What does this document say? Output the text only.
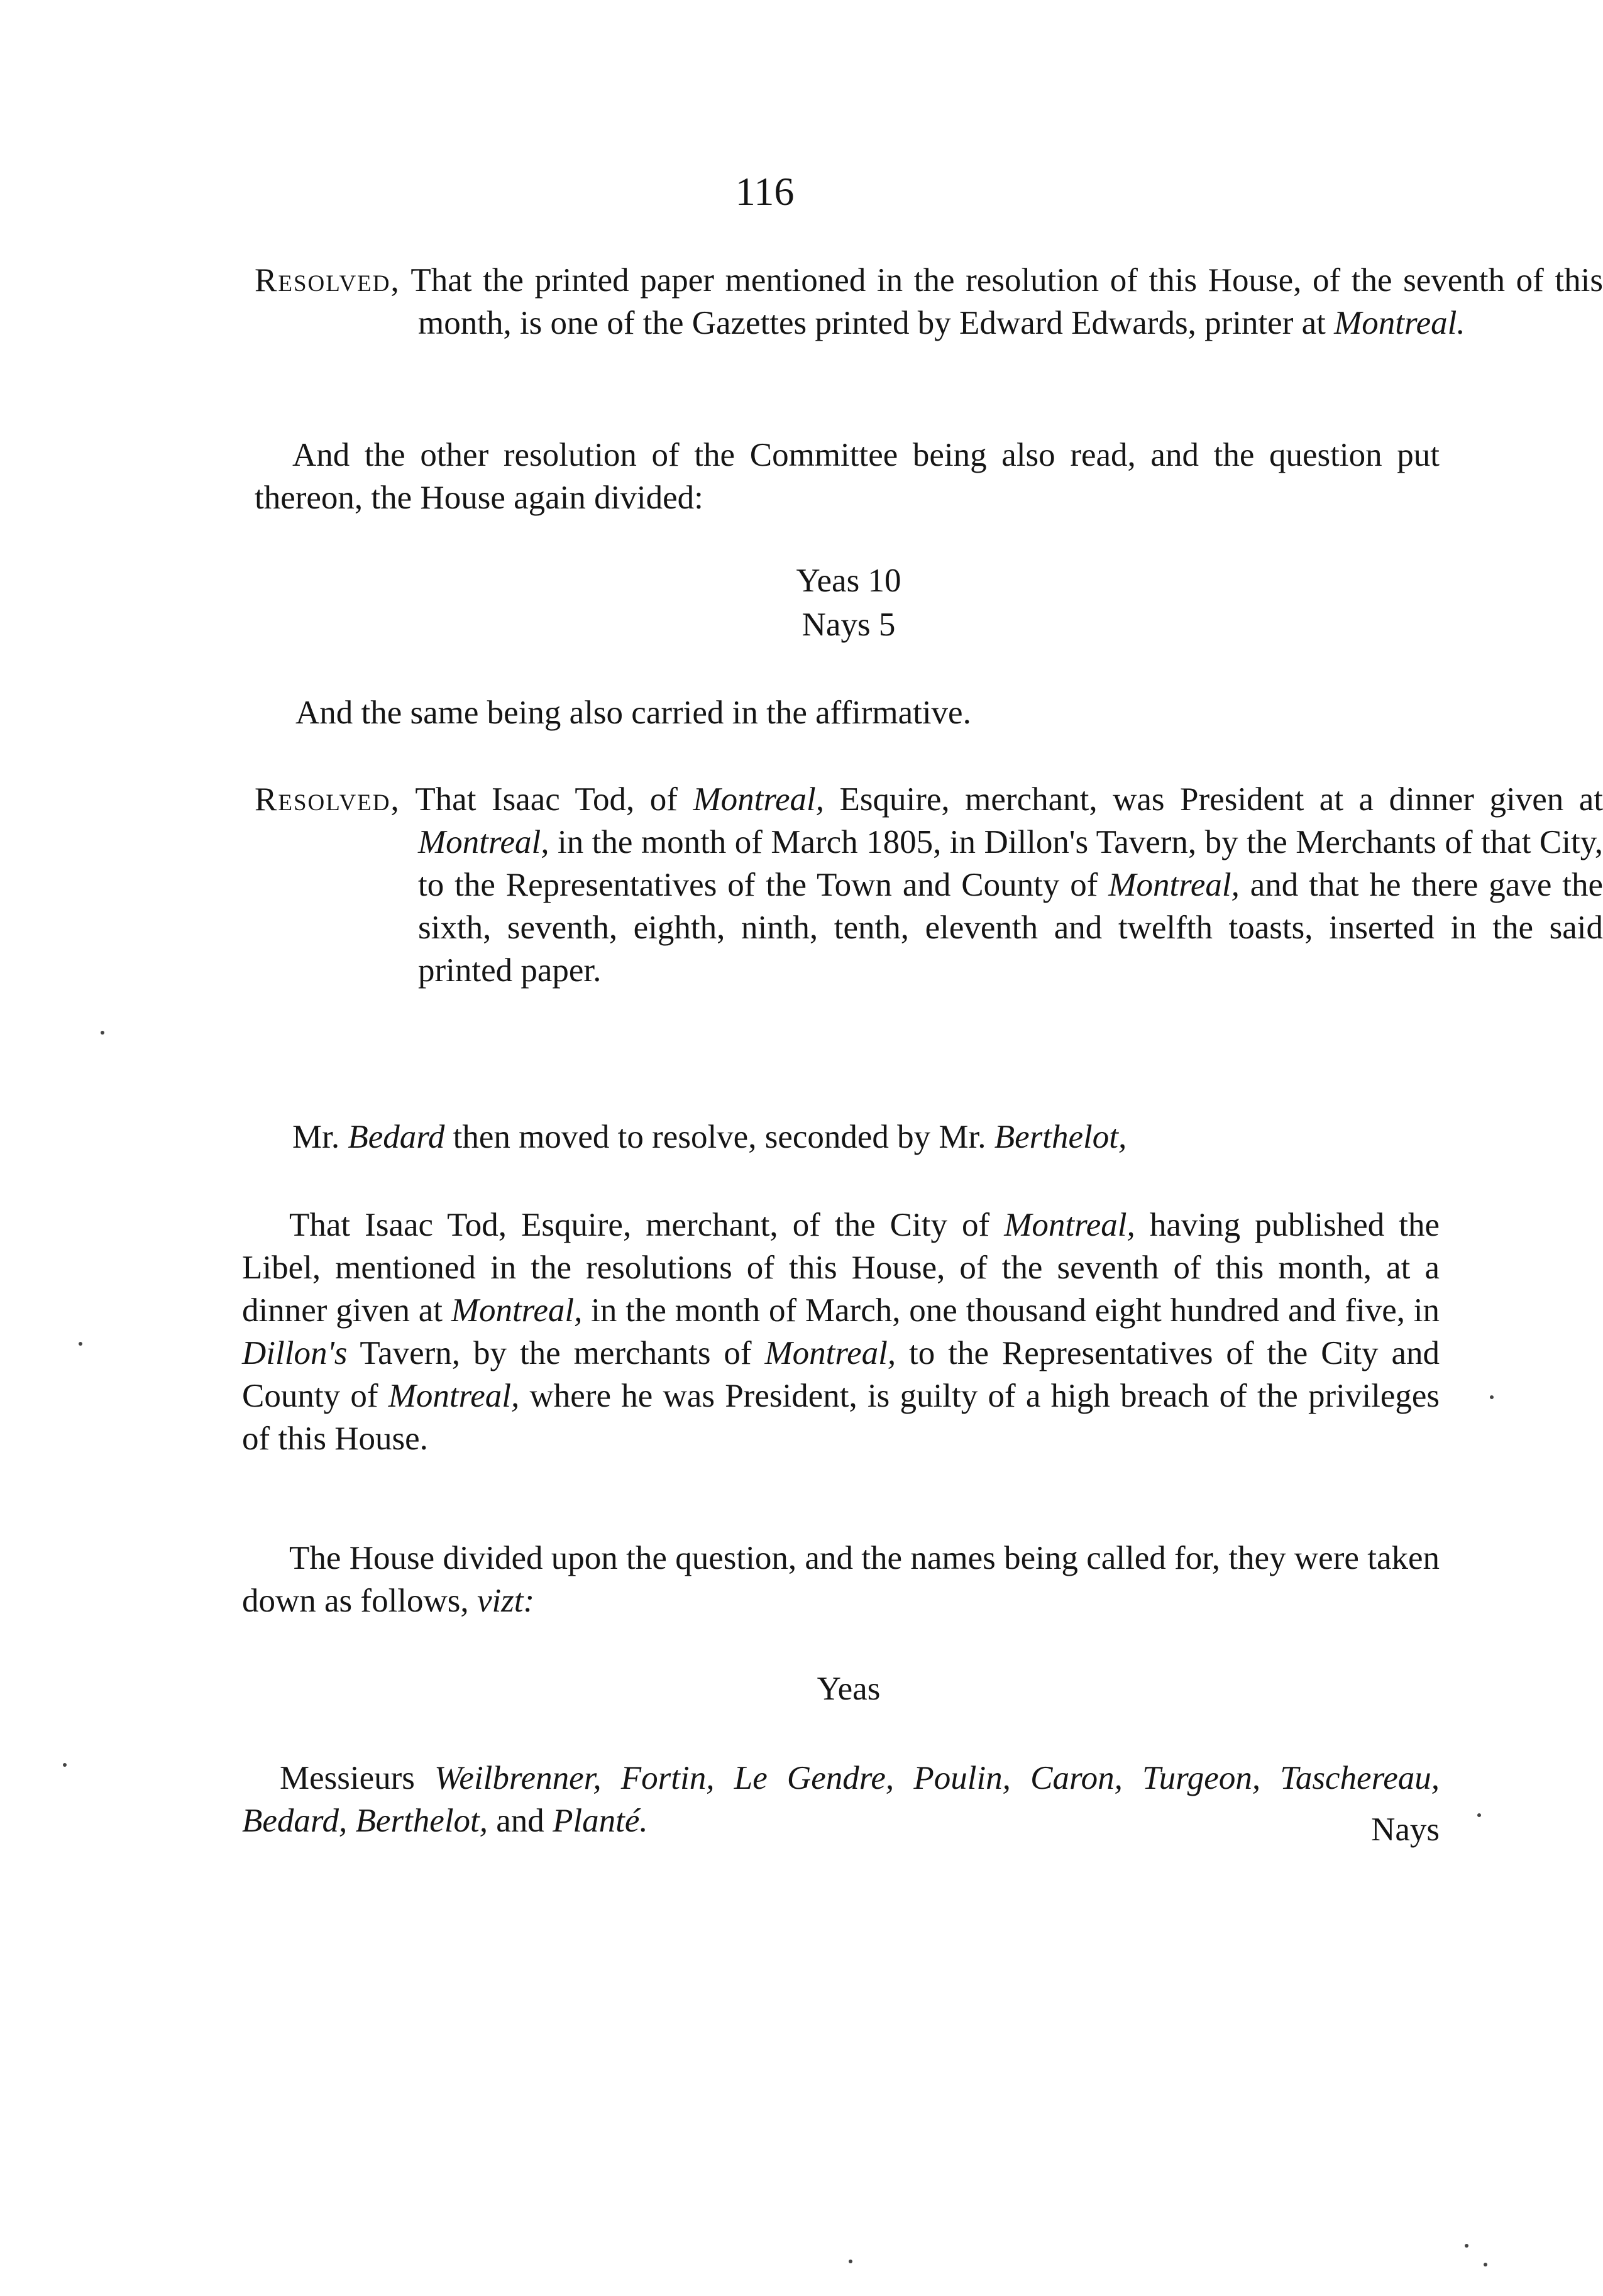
116
Resolved, That the printed paper mentioned in the resolution of this House, of the seventh of this month, is one of the Gazettes printed by Edward Edwards, printer at Montreal.
And the other resolution of the Committee being also read, and the question put thereon, the House again divided:
Yeas 10
Nays 5
And the same being also carried in the affirmative.
Resolved, That Isaac Tod, of Montreal, Esquire, merchant, was President at a dinner given at Montreal, in the month of March 1805, in Dillon's Tavern, by the Merchants of that City, to the Representatives of the Town and County of Montreal, and that he there gave the sixth, seventh, eighth, ninth, tenth, eleventh and twelfth toasts, inserted in the said printed paper.
Mr. Bedard then moved to resolve, seconded by Mr. Berthelot,
That Isaac Tod, Esquire, merchant, of the City of Montreal, having published the Libel, mentioned in the resolutions of this House, of the seventh of this month, at a dinner given at Montreal, in the month of March, one thousand eight hundred and five, in Dillon's Tavern, by the merchants of Montreal, to the Representatives of the City and County of Montreal, where he was President, is guilty of a high breach of the privileges of this House.
The House divided upon the question, and the names being called for, they were taken down as follows, vizt:
Yeas
Messieurs Weilbrenner, Fortin, Le Gendre, Poulin, Caron, Turgeon, Taschereau, Bedard, Berthelot, and Planté.	Nays
